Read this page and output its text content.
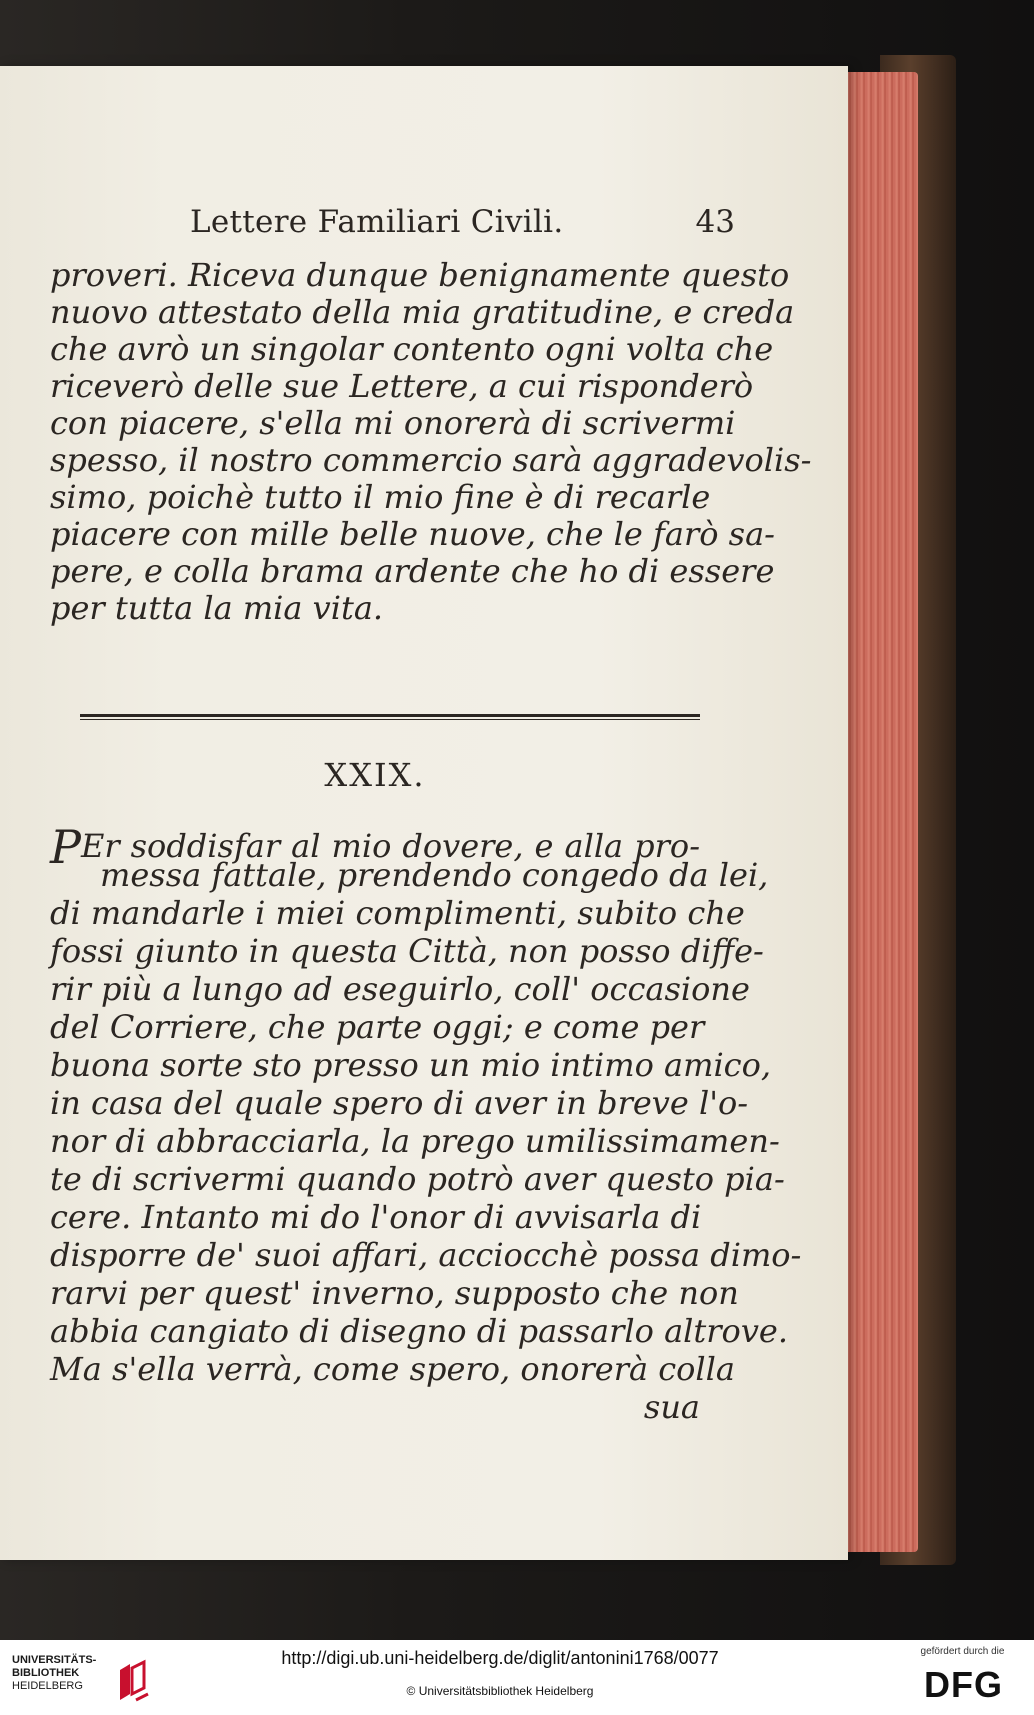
Lettere Familiari Civili.	43
proveri. Riceva dunque benignamente questo
nuovo attestato della mia gratitudine, e creda
che avrò un singolar contento ogni volta che
riceverò delle sue Lettere, a cui risponderò
con piacere, s'ella mi onorerà di scrivermi
spesso, il nostro commercio sarà aggradevolis-
simo, poichè tutto il mio fine è di recarle
piacere con mille belle nuove, che le farò sa-
pere, e colla brama ardente che ho di essere
per tutta la mia vita.
XXIX.
PEr soddisfar al mio dovere, e alla pro-
messa fattale, prendendo congedo da lei,
di mandarle i miei complimenti, subito che
fossi giunto in questa Città, non posso diffe-
rir più a lungo ad eseguirlo, coll' occasione
del Corriere, che parte oggi; e come per
buona sorte sto presso un mio intimo amico,
in casa del quale spero di aver in breve l'o-
nor di abbracciarla, la prego umilissimamen-
te di scrivermi quando potrò aver questo pia-
cere. Intanto mi do l'onor di avvisarla di
disporre de' suoi affari, acciocchè possa dimo-
rarvi per quest' inverno, supposto che non
abbia cangiato di disegno di passarlo altrove.
Ma s'ella verrà, come spero, onorerà colla
sua
UNIVERSITÄTS-
BIBLIOTHEK
HEIDELBERG
http://digi.ub.uni-heidelberg.de/diglit/antonini1768/0077
© Universitätsbibliothek Heidelberg
gefördert durch die
DFG
